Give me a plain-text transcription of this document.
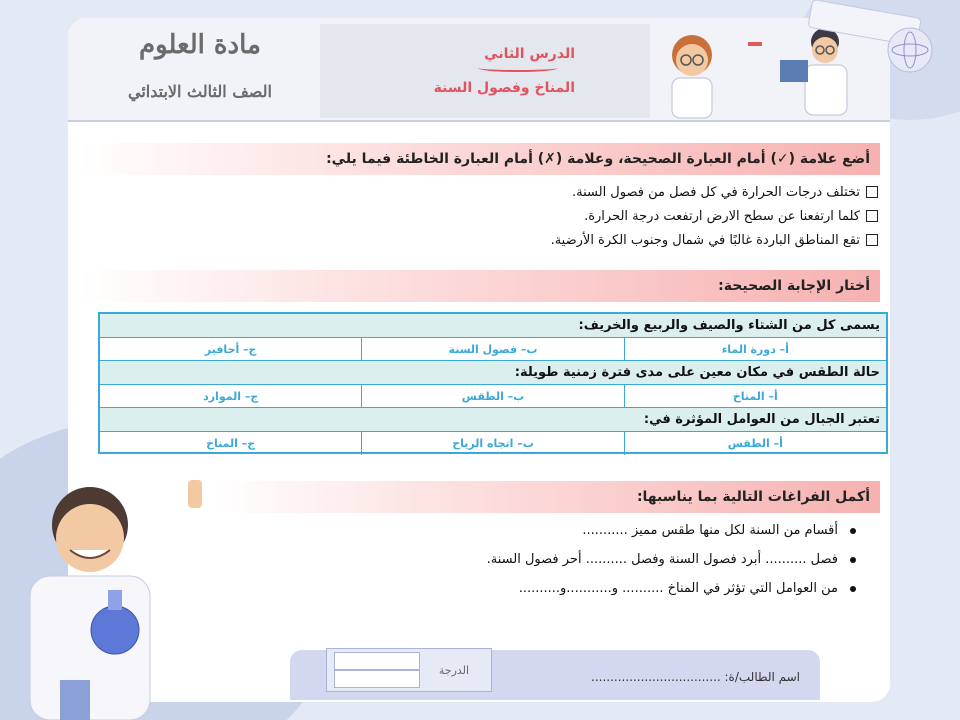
مادة العلوم
الصف الثالث الابتدائي
الدرس الثاني
المناخ وفصول السنة
أضع علامة (✓) أمام العبارة الصحيحة، وعلامة (✗) أمام العبارة الخاطئة فيما يلي:
تختلف درجات الحرارة في كل فصل من فصول السنة.
كلما ارتفعنا عن سطح الارض ارتفعت درجة الحرارة.
تقع المناطق الباردة غالبًا في شمال وجنوب الكرة الأرضية.
أختار الإجابة الصحيحة:
يسمى كل من الشتاء والصيف والربيع والخريف:
أ– دورة الماء
ب– فصول السنة
ج– أحافير
حالة الطقس في مكان معين على مدى فترة زمنية طويلة:
أ– المناخ
ب– الطقس
ج– الموارد
تعتبر الجبال من العوامل المؤثرة في:
أ– الطقس
ب– اتجاه الرياح
ج– المناخ
أكمل الفراغات التالية بما يناسبها:
أقسام من السنة لكل منها طقس مميز ...........
فصل .......... أبرد فصول السنة وفصل .......... أحر فصول السنة.
من العوامل التي تؤثر في المناخ .......... و...........و..........
اسم الطالب/ة: ..................................
الدرجة
